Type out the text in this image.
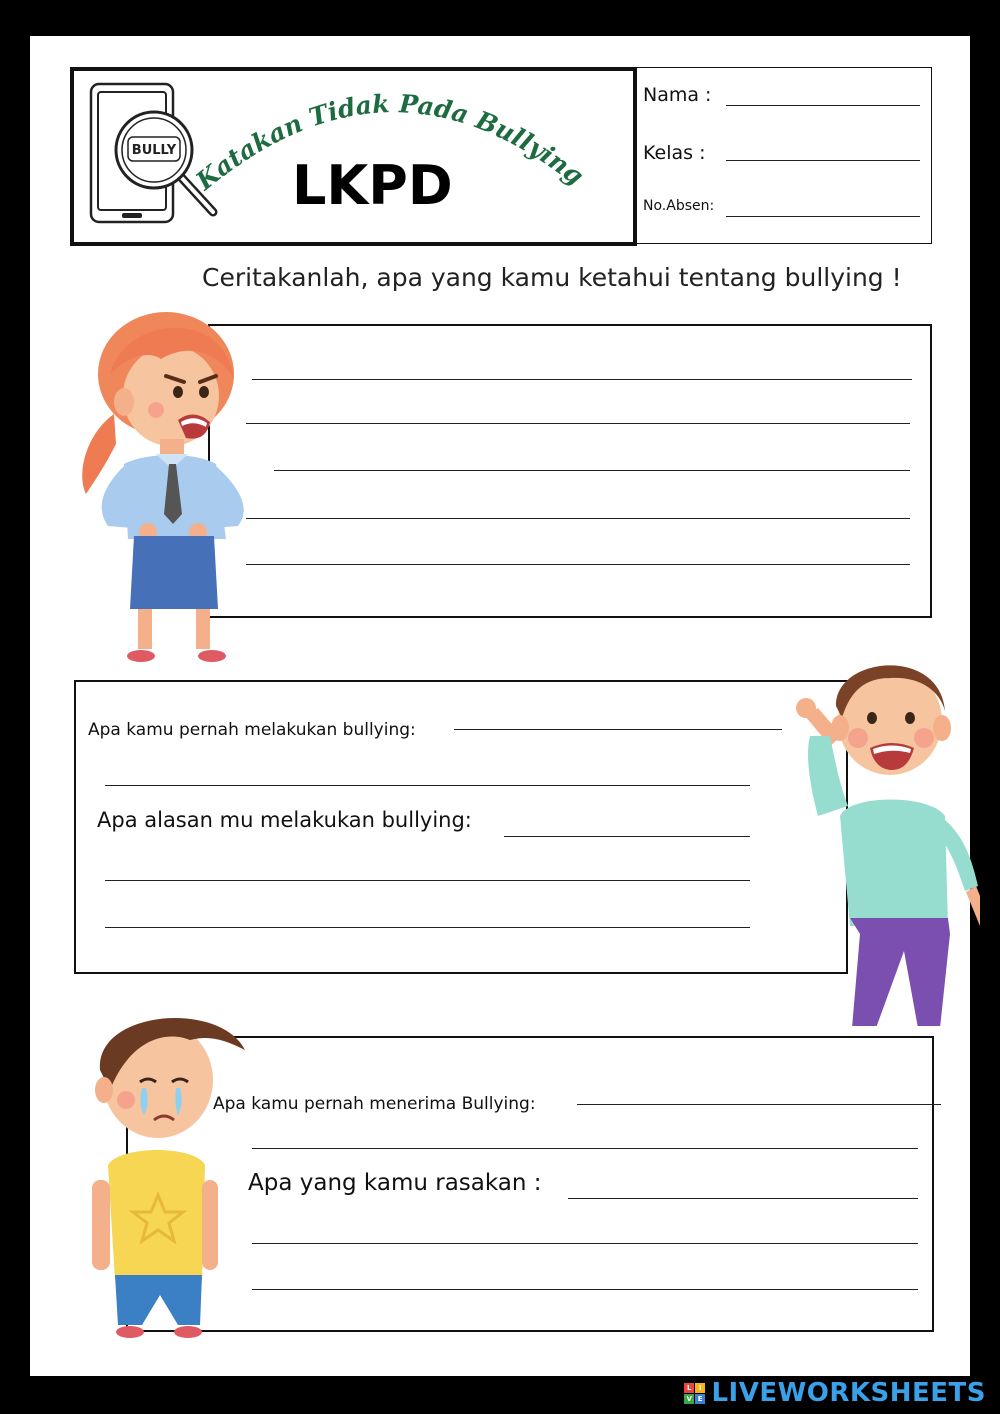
BULLY
Katakan Tidak Pada Bullying
LKPD
Nama :
Kelas :
No.Absen:
Ceritakanlah, apa yang kamu ketahui tentang bullying !
Apa kamu pernah melakukan bullying:
Apa alasan mu melakukan bullying:
Apa kamu pernah menerima Bullying:
Apa yang kamu rasakan :
L I
V E LIVEWORKSHEETS
